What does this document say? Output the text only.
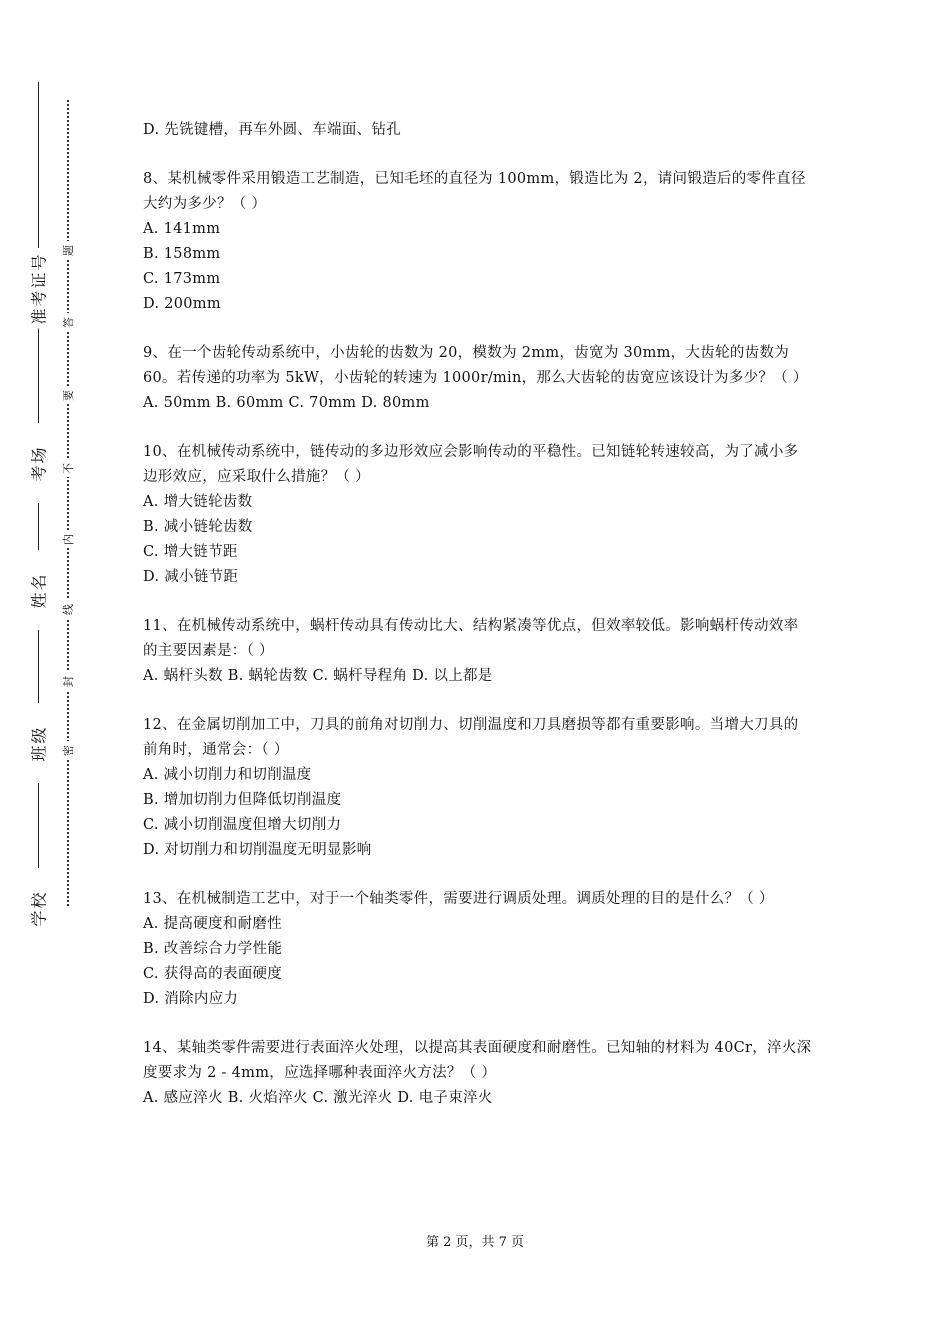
学校
班级
姓名
考场
准考证号
密
封
线
内
不
要
答
题

D. 先铣键槽，再车外圆、车端面、钻孔

8、某机械零件采用锻造工艺制造，已知毛坯的直径为 100mm，锻造比为 2，请问锻造后的零件直径大约为多少？（ ）

A. 141mm

B. 158mm

C. 173mm

D. 200mm

9、在一个齿轮传动系统中，小齿轮的齿数为 20，模数为 2mm，齿宽为 30mm，大齿轮的齿数为 60。若传递的功率为 5kW，小齿轮的转速为 1000r/min，那么大齿轮的齿宽应该设计为多少？（ ）

A. 50mm B. 60mm C. 70mm D. 80mm

10、在机械传动系统中，链传动的多边形效应会影响传动的平稳性。已知链轮转速较高，为了减小多边形效应，应采取什么措施？（ ）

A. 增大链轮齿数

B. 减小链轮齿数

C. 增大链节距

D. 减小链节距

11、在机械传动系统中，蜗杆传动具有传动比大、结构紧凑等优点，但效率较低。影响蜗杆传动效率的主要因素是：（ ）

A. 蜗杆头数 B. 蜗轮齿数 C. 蜗杆导程角 D. 以上都是

12、在金属切削加工中，刀具的前角对切削力、切削温度和刀具磨损等都有重要影响。当增大刀具的前角时，通常会：（ ）

A. 减小切削力和切削温度

B. 增加切削力但降低切削温度

C. 减小切削温度但增大切削力

D. 对切削力和切削温度无明显影响

13、在机械制造工艺中，对于一个轴类零件，需要进行调质处理。调质处理的目的是什么？（ ）

A. 提高硬度和耐磨性

B. 改善综合力学性能

C. 获得高的表面硬度

D. 消除内应力

14、某轴类零件需要进行表面淬火处理，以提高其表面硬度和耐磨性。已知轴的材料为 40Cr，淬火深度要求为 2 - 4mm，应选择哪种表面淬火方法？（ ）

A. 感应淬火 B. 火焰淬火 C. 激光淬火 D. 电子束淬火

第 2 页，共 7 页
